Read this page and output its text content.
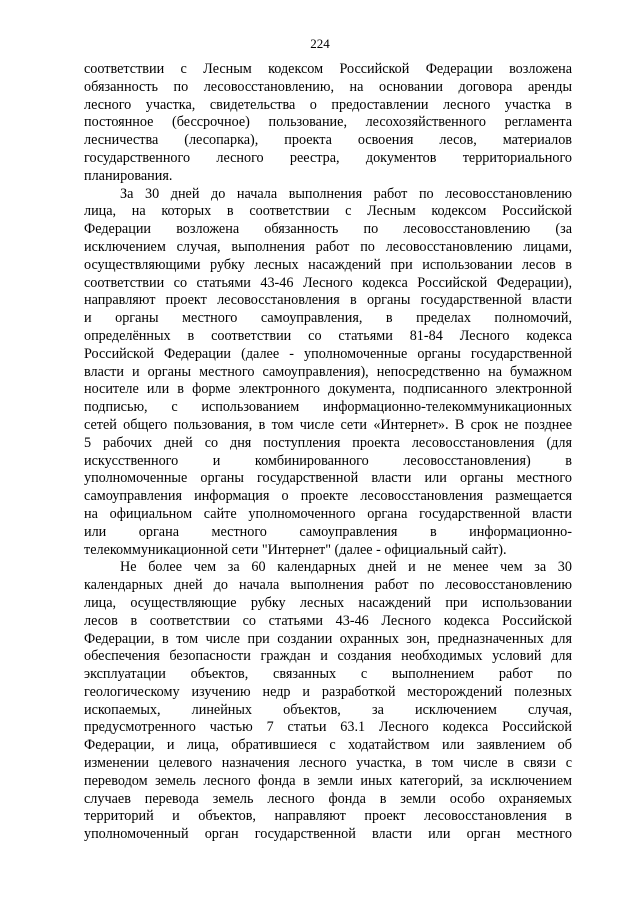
224
соответствии с Лесным кодексом Российской Федерации возложена
обязанность по лесовосстановлению, на основании договора аренды
лесного участка, свидетельства о предоставлении лесного участка в
постоянное (бессрочное) пользование, лесохозяйственного регламента
лесничества (лесопарка), проекта освоения лесов, материалов
государственного лесного реестра, документов территориального
планирования.
За 30 дней до начала выполнения работ по лесовосстановлению
лица, на которых в соответствии с Лесным кодексом Российской
Федерации возложена обязанность по лесовосстановлению (за
исключением случая, выполнения работ по лесовосстановлению лицами,
осуществляющими рубку лесных насаждений при использовании лесов в
соответствии со статьями 43-46 Лесного кодекса Российской Федерации),
направляют проект лесовосстановления в органы государственной власти
и органы местного самоуправления, в пределах полномочий,
определённых в соответствии со статьями 81-84 Лесного кодекса
Российской Федерации (далее - уполномоченные органы государственной
власти и органы местного самоуправления), непосредственно на бумажном
носителе или в форме электронного документа, подписанного электронной
подписью, с использованием информационно-телекоммуникационных
сетей общего пользования, в том числе сети «Интернет». В срок не позднее
5 рабочих дней со дня поступления проекта лесовосстановления (для
искусственного и комбинированного лесовосстановления) в
уполномоченные органы государственной власти или органы местного
самоуправления информация о проекте лесовосстановления размещается
на официальном сайте уполномоченного органа государственной власти
или органа местного самоуправления в информационно-
телекоммуникационной сети "Интернет" (далее - официальный сайт).
Не более чем за 60 календарных дней и не менее чем за 30
календарных дней до начала выполнения работ по лесовосстановлению
лица, осуществляющие рубку лесных насаждений при использовании
лесов в соответствии со статьями 43-46 Лесного кодекса Российской
Федерации, в том числе при создании охранных зон, предназначенных для
обеспечения безопасности граждан и создания необходимых условий для
эксплуатации объектов, связанных с выполнением работ по
геологическому изучению недр и разработкой месторождений полезных
ископаемых, линейных объектов, за исключением случая,
предусмотренного частью 7 статьи 63.1 Лесного кодекса Российской
Федерации, и лица, обратившиеся с ходатайством или заявлением об
изменении целевого назначения лесного участка, в том числе в связи с
переводом земель лесного фонда в земли иных категорий, за исключением
случаев перевода земель лесного фонда в земли особо охраняемых
территорий и объектов, направляют проект лесовосстановления в
уполномоченный орган государственной власти или орган местного
